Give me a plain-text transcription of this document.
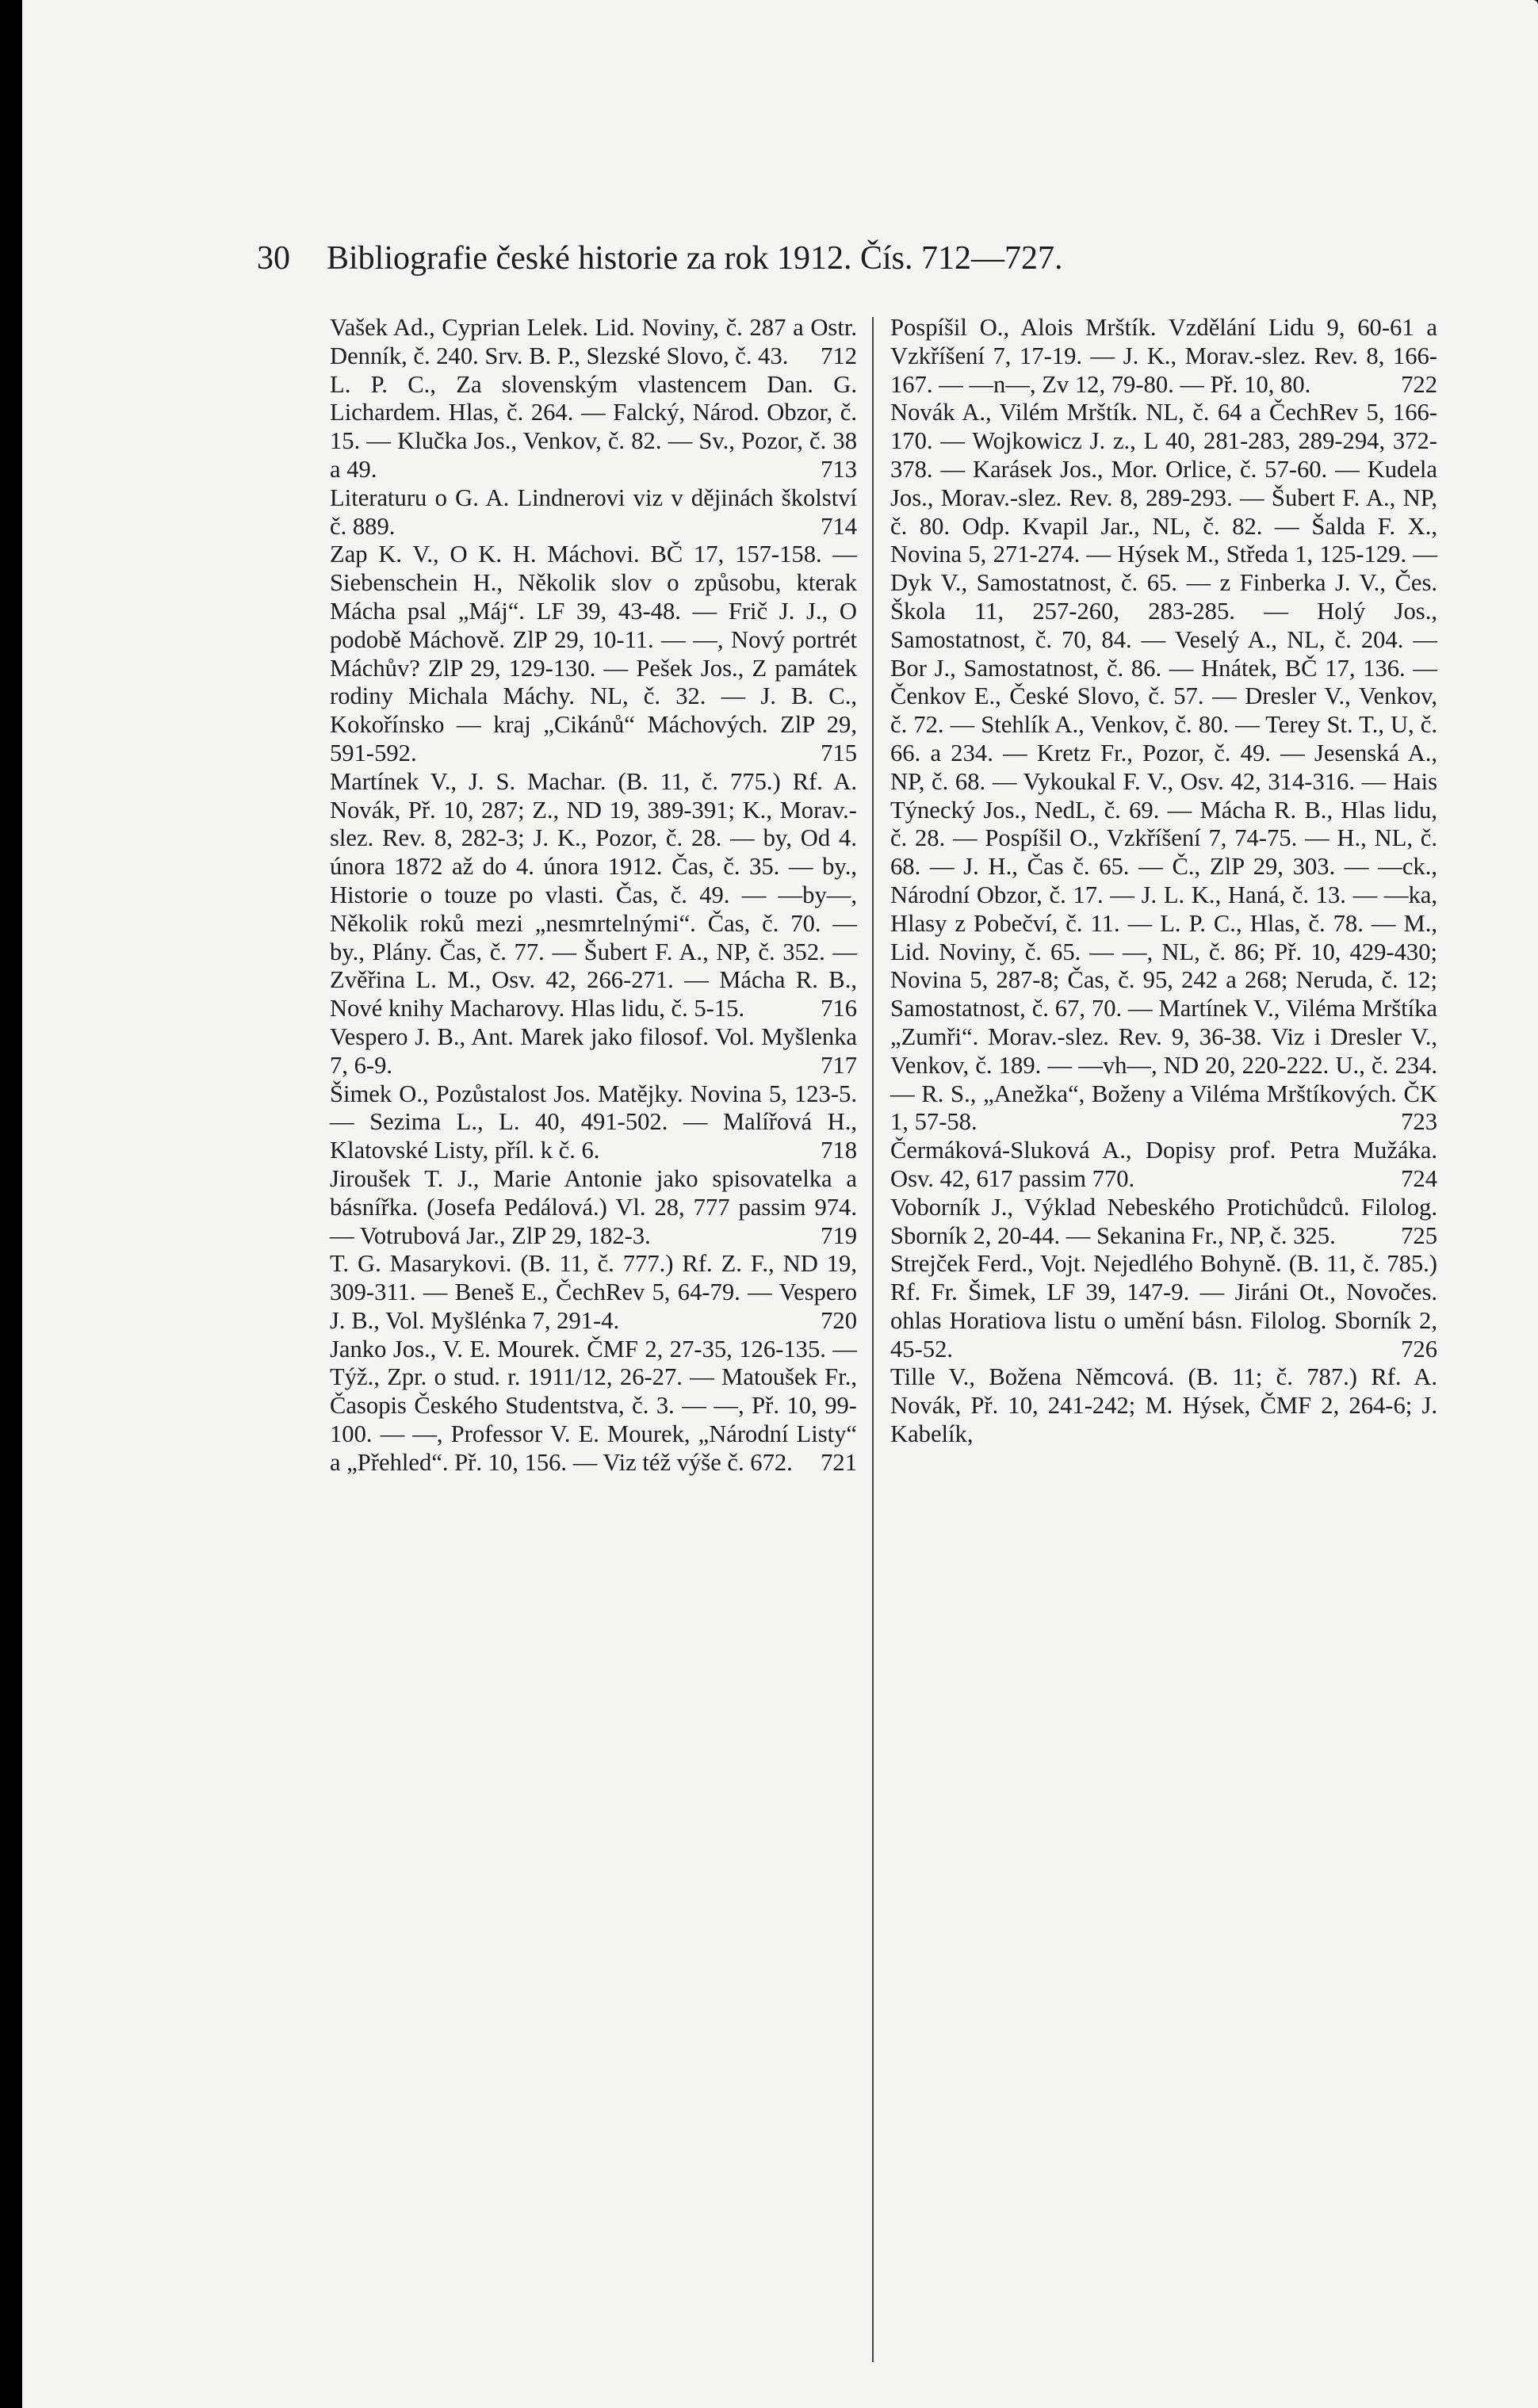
30 Bibliografie české historie za rok 1912. Čís. 712—727.
Vašek Ad., Cyprian Lelek. Lid. Noviny, č. 287 a Ostr. Denník, č. 240. Srv. B. P., Slezské Slovo, č. 43. 712
L. P. C., Za slovenským vlastencem Dan. G. Lichardem. Hlas, č. 264. — Falcký, Národ. Obzor, č. 15. — Klučka Jos., Venkov, č. 82. — Sv., Pozor, č. 38 a 49.	713
Literaturu o G. A. Lindnerovi viz v dějinách školství č. 889.	714
Zap K. V., O K. H. Máchovi. BČ 17, 157-158. — Siebenschein H., Několik slov o způsobu, kterak Mácha psal „Máj“. LF 39, 43-48. — Frič J. J., O podobě Máchově. ZlP 29, 10-11. — —, Nový portrét Máchův? ZlP 29, 129-130. — Pešek Jos., Z památek rodiny Michala Máchy. NL, č. 32. — J. B. C., Kokořínsko — kraj „Cikánů“ Máchových. ZlP 29, 591-592.	715
Martínek V., J. S. Machar. (B. 11, č. 775.) Rf. A. Novák, Př. 10, 287; Z., ND 19, 389-391; K., Morav.-slez. Rev. 8, 282-3; J. K., Pozor, č. 28. — by, Od 4. února 1872 až do 4. února 1912. Čas, č. 35. — by., Historie o touze po vlasti. Čas, č. 49. — —by—, Několik roků mezi „nesmrtelnými“. Čas, č. 70. — by., Plány. Čas, č. 77. — Šubert F. A., NP, č. 352. — Zvěřina L. M., Osv. 42, 266-271. — Mácha R. B., Nové knihy Macharovy. Hlas lidu, č. 5-15.	716
Vespero J. B., Ant. Marek jako filosof. Vol. Myšlenka 7, 6-9.	717
Šimek O., Pozůstalost Jos. Matějky. Novina 5, 123-5. — Sezima L., L. 40, 491-502. — Malířová H., Klatovské Listy, příl. k č. 6.	718
Jiroušek T. J., Marie Antonie jako spisovatelka a básnířka. (Josefa Pedálová.) Vl. 28, 777 passim 974. — Votrubová Jar., ZlP 29, 182-3.	719
T. G. Masarykovi. (B. 11, č. 777.) Rf. Z. F., ND 19, 309-311. — Beneš E., ČechRev 5, 64-79. — Vespero J. B., Vol. Myšlénka 7, 291-4.	720
Janko Jos., V. E. Mourek. ČMF 2, 27-35, 126-135. — Týž., Zpr. o stud. r. 1911/12, 26-27. — Matoušek Fr., Časopis Českého Studentstva, č. 3. — —, Př. 10, 99-100. — —, Professor V. E. Mourek, „Národní Listy“ a „Přehled“. Př. 10, 156. — Viz též výše č. 672. 721
Pospíšil O., Alois Mrštík. Vzdělání Lidu 9, 60-61 a Vzkříšení 7, 17-19. — J. K., Morav.-slez. Rev. 8, 166-167. — —n—, Zv 12, 79-80. — Př. 10, 80.	722
Novák A., Vilém Mrštík. NL, č. 64 a ČechRev 5, 166-170. — Wojkowicz J. z., L 40, 281-283, 289-294, 372-378. — Karásek Jos., Mor. Orlice, č. 57-60. — Kudela Jos., Morav.-slez. Rev. 8, 289-293. — Šubert F. A., NP, č. 80. Odp. Kvapil Jar., NL, č. 82. — Šalda F. X., Novina 5, 271-274. — Hýsek M., Středa 1, 125-129. — Dyk V., Samostatnost, č. 65. — z Finberka J. V., Čes. Škola 11, 257-260, 283-285. — Holý Jos., Samostatnost, č. 70, 84. — Veselý A., NL, č. 204. — Bor J., Samostatnost, č. 86. — Hnátek, BČ 17, 136. — Čenkov E., České Slovo, č. 57. — Dresler V., Venkov, č. 72. — Stehlík A., Venkov, č. 80. — Terey St. T., U, č. 66. a 234. — Kretz Fr., Pozor, č. 49. — Jesenská A., NP, č. 68. — Vykoukal F. V., Osv. 42, 314-316. — Hais Týnecký Jos., NedL, č. 69. — Mácha R. B., Hlas lidu, č. 28. — Pospíšil O., Vzkříšení 7, 74-75. — H., NL, č. 68. — J. H., Čas č. 65. — Č., ZlP 29, 303. — —ck., Národní Obzor, č. 17. — J. L. K., Haná, č. 13. — —ka, Hlasy z Pobečví, č. 11. — L. P. C., Hlas, č. 78. — M., Lid. Noviny, č. 65. — —, NL, č. 86; Př. 10, 429-430; Novina 5, 287-8; Čas, č. 95, 242 a 268; Neruda, č. 12; Samostatnost, č. 67, 70. — Martínek V., Viléma Mrštíka „Zumři“. Morav.-slez. Rev. 9, 36-38. Viz i Dresler V., Venkov, č. 189. — —vh—, ND 20, 220-222. U., č. 234. — R. S., „Anežka“, Boženy a Viléma Mrštíkových. ČK 1, 57-58.	723
Čermáková-Sluková A., Dopisy prof. Petra Mužáka. Osv. 42, 617 passim 770.	724
Voborník J., Výklad Nebeského Protichůdců. Filolog. Sborník 2, 20-44. — Sekanina Fr., NP, č. 325.	725
Strejček Ferd., Vojt. Nejedlého Bohyně. (B. 11, č. 785.) Rf. Fr. Šimek, LF 39, 147-9. — Jiráni Ot., Novočes. ohlas Horatiova listu o umění básn. Filolog. Sborník 2, 45-52.	726
Tille V., Božena Němcová. (B. 11; č. 787.) Rf. A. Novák, Př. 10, 241-242; M. Hýsek, ČMF 2, 264-6; J. Kabelík,
